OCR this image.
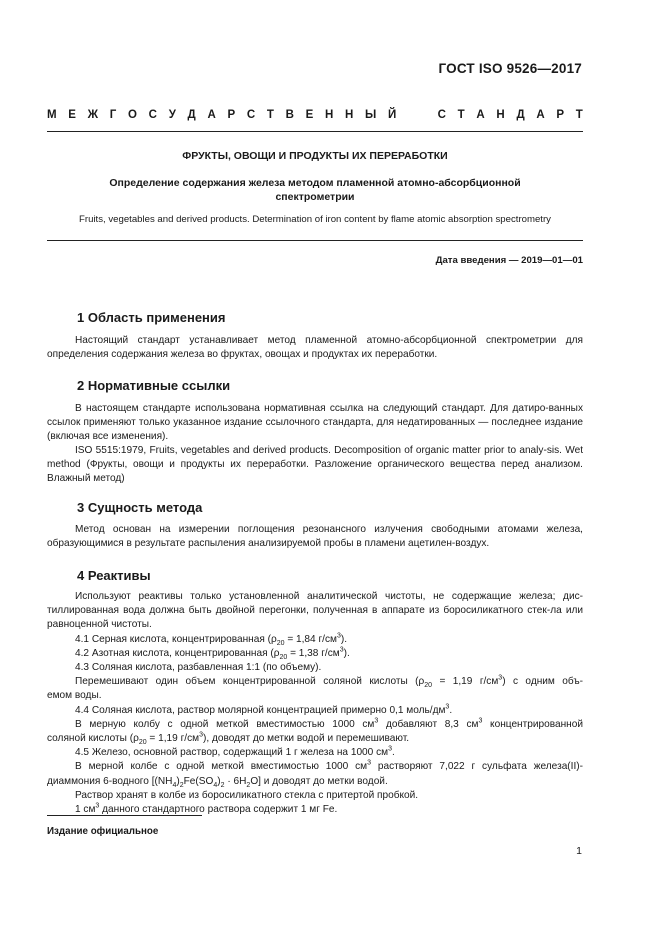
ГОСТ ISO 9526—2017
М Е Ж Г О С У Д А Р С Т В Е Н Н Ы Й	С Т А Н Д А Р Т
ФРУКТЫ, ОВОЩИ И ПРОДУКТЫ ИХ ПЕРЕРАБОТКИ
Определение содержания железа методом пламенной атомно-абсорбционной
спектрометрии
Fruits, vegetables and derived products. Determination of iron content by flame atomic absorption spectrometry
Дата введения — 2019—01—01
1 Область применения
Настоящий стандарт устанавливает метод пламенной атомно-абсорбционной спектрометрии для определения содержания железа во фруктах, овощах и продуктах их переработки.
2 Нормативные ссылки
В настоящем стандарте использована нормативная ссылка на следующий стандарт. Для датиро-ванных ссылок применяют только указанное издание ссылочного стандарта, для недатированных — последнее издание (включая все изменения).
ISO 5515:1979, Fruits, vegetables and derived products. Decomposition of organic matter prior to analy-sis. Wet method (Фрукты, овощи и продукты их переработки. Разложение органического вещества перед анализом. Влажный метод)
3 Сущность метода
Метод основан на измерении поглощения резонансного излучения свободными атомами железа, образующимися в результате распыления анализируемой пробы в пламени ацетилен-воздух.
4 Реактивы
Используют реактивы только установленной аналитической чистоты, не содержащие железа; дис-тиллированная вода должна быть двойной перегонки, полученная в аппарате из боросиликатного стек-ла или равноценной чистоты.
4.1 Серная кислота, концентрированная ($\rho_{20} = 1,84$ $г/см^3$).
4.2 Азотная кислота, концентрированная ($\rho_{20} = 1,38$ $г/см^3$).
4.3 Соляная кислота, разбавленная 1:1 (по объему).
Перемешивают один объем концентрированной соляной кислоты ($\rho_{20} = 1,19$ $г/см^3$) с одним объ-
емом воды.
4.4 Соляная кислота, раствор молярной концентрацией примерно 0,1 моль/$дм^3$.
В мерную колбу с одной меткой вместимостью 1000 $см^3$ добавляют 8,3 $см^3$ концентрированной
соляной кислоты ($\rho_{20} = 1,19$ $г/см^3$), доводят до метки водой и перемешивают.
4.5 Железо, основной раствор, содержащий 1 г железа на 1000 $см^3$.
В мерной колбе с одной меткой вместимостью 1000 $см^3$ растворяют 7,022 г сульфата железа(II)-
диаммония 6-водного $[(NH_4)_2Fe(SO_4)_2 \cdot 6H_2O]$ и доводят до метки водой.
Раствор хранят в колбе из боросиликатного стекла с притертой пробкой.
1 $см^3$ данного стандартного раствора содержит 1 мг Fe.
Издание официальное
1
